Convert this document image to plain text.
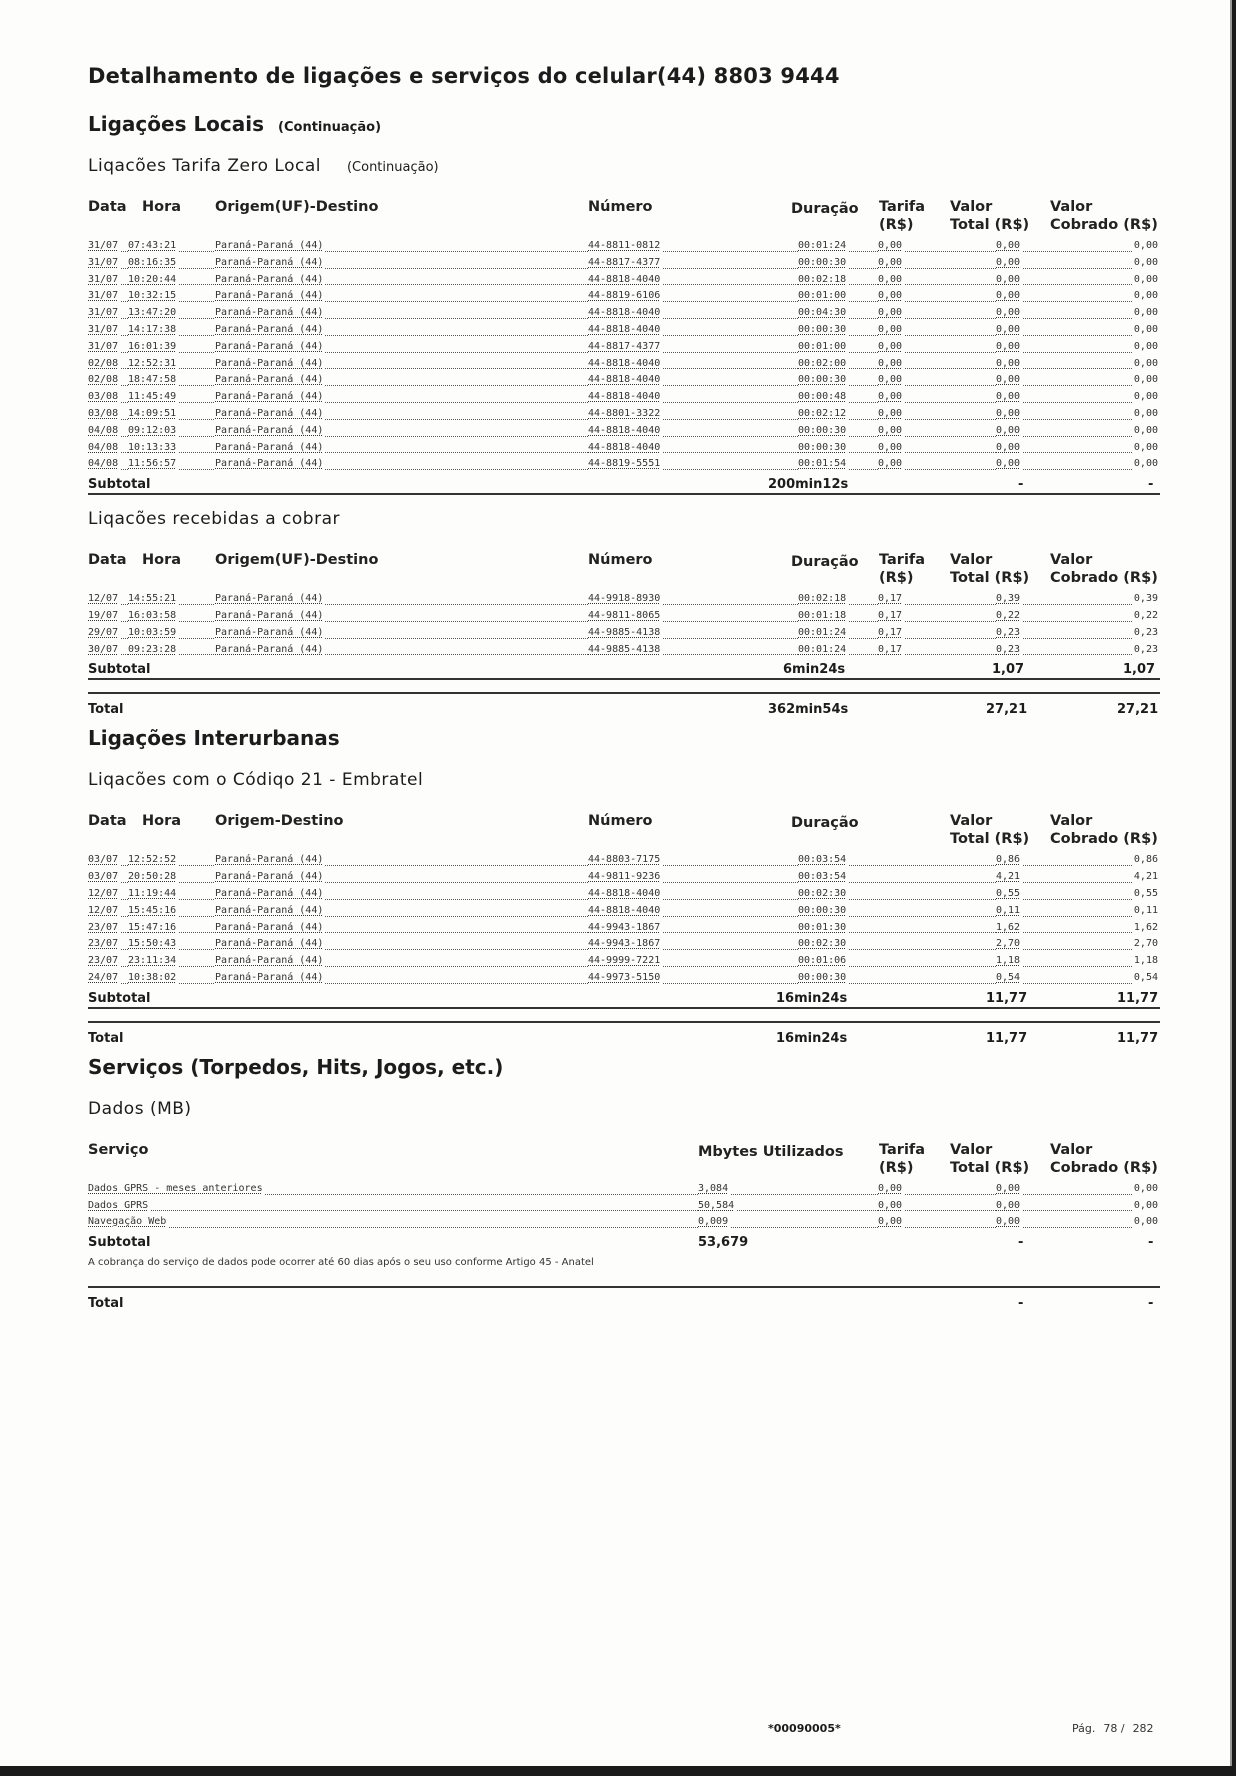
Detalhamento de ligações e serviços do celular(44) 8803 9444
Ligações Locais (Continuação)
Liqacões Tarifa Zero Local (Continuação)
Data Hora Origem(UF)-Destino	Número	Duração Tarifa
(R$)
Valor
Total (R$)
Valor
Cobrado (R$)
31/07 07:43:21	Paraná-Paraná (44)	44-8811-0812	00:01:24	0,00	0,00	0,00
31/07 08:16:35	Paraná-Paraná (44)	44-8817-4377	00:00:30	0,00	0,00	0,00
31/07 10:20:44	Paraná-Paraná (44)	44-8818-4040	00:02:18	0,00	0,00	0,00
31/07 10:32:15	Paraná-Paraná (44)	44-8819-6106	00:01:00	0,00	0,00	0,00
31/07 13:47:20	Paraná-Paraná (44)	44-8818-4040	00:04:30	0,00	0,00	0,00
31/07 14:17:38	Paraná-Paraná (44)	44-8818-4040	00:00:30	0,00	0,00	0,00
31/07 16:01:39	Paraná-Paraná (44)	44-8817-4377	00:01:00	0,00	0,00	0,00
02/08 12:52:31	Paraná-Paraná (44)	44-8818-4040	00:02:00	0,00	0,00	0,00
02/08 18:47:58	Paraná-Paraná (44)	44-8818-4040	00:00:30	0,00	0,00	0,00
03/08 11:45:49	Paraná-Paraná (44)	44-8818-4040	00:00:48	0,00	0,00	0,00
03/08 14:09:51	Paraná-Paraná (44)	44-8801-3322	00:02:12	0,00	0,00	0,00
04/08 09:12:03	Paraná-Paraná (44)	44-8818-4040	00:00:30	0,00	0,00	0,00
04/08 10:13:33	Paraná-Paraná (44)	44-8818-4040	00:00:30	0,00	0,00	0,00
04/08 11:56:57	Paraná-Paraná (44)	44-8819-5551	00:01:54	0,00	0,00	0,00
Subtotal	200min12s	-	-
Liqacões recebidas a cobrar
Data Hora Origem(UF)-Destino	Número	Duração Tarifa
(R$)
Valor
Total (R$)
Valor
Cobrado (R$)
12/07 14:55:21	Paraná-Paraná (44)	44-9918-8930	00:02:18	0,17	0,39	0,39
19/07 16:03:58	Paraná-Paraná (44)	44-9811-8065	00:01:18	0,17	0,22	0,22
29/07 10:03:59	Paraná-Paraná (44)	44-9885-4138	00:01:24	0,17	0,23	0,23
30/07 09:23:28	Paraná-Paraná (44)	44-9885-4138	00:01:24	0,17	0,23	0,23
Subtotal	6min24s	1,07	1,07
Total	362min54s	27,21	27,21
Ligações Interurbanas
Liqacões com o Códiqo 21 - Embratel
Data Hora Origem-Destino	Número	Duração	Valor
Total (R$)
Valor
Cobrado (R$)
03/07 12:52:52	Paraná-Paraná (44)	44-8803-7175	00:03:54	0,86	0,86
03/07 20:50:28	Paraná-Paraná (44)	44-9811-9236	00:03:54	4,21	4,21
12/07 11:19:44	Paraná-Paraná (44)	44-8818-4040	00:02:30	0,55	0,55
12/07 15:45:16	Paraná-Paraná (44)	44-8818-4040	00:00:30	0,11	0,11
23/07 15:47:16	Paraná-Paraná (44)	44-9943-1867	00:01:30	1,62	1,62
23/07 15:50:43	Paraná-Paraná (44)	44-9943-1867	00:02:30	2,70	2,70
23/07 23:11:34	Paraná-Paraná (44)	44-9999-7221	00:01:06	1,18	1,18
24/07 10:38:02	Paraná-Paraná (44)	44-9973-5150	00:00:30	0,54	0,54
Subtotal	16min24s	11,77	11,77
Total	16min24s	11,77	11,77
Serviços (Torpedos, Hits, Jogos, etc.)
Dados (MB)
Serviço	Mbytes Utilizados Tarifa
(R$)
Valor
Total (R$)
Valor
Cobrado (R$)
Dados GPRS - meses anteriores	3,084	0,00	0,00	0,00
Dados GPRS	50,584	0,00	0,00	0,00
Navegação Web	0,009	0,00	0,00	0,00
Subtotal	53,679	-	-
A cobrança do serviço de dados pode ocorrer até 60 dias após o seu uso conforme Artigo 45 - Anatel
Total	-	-
*00090005*	Pág. 78 / 282
